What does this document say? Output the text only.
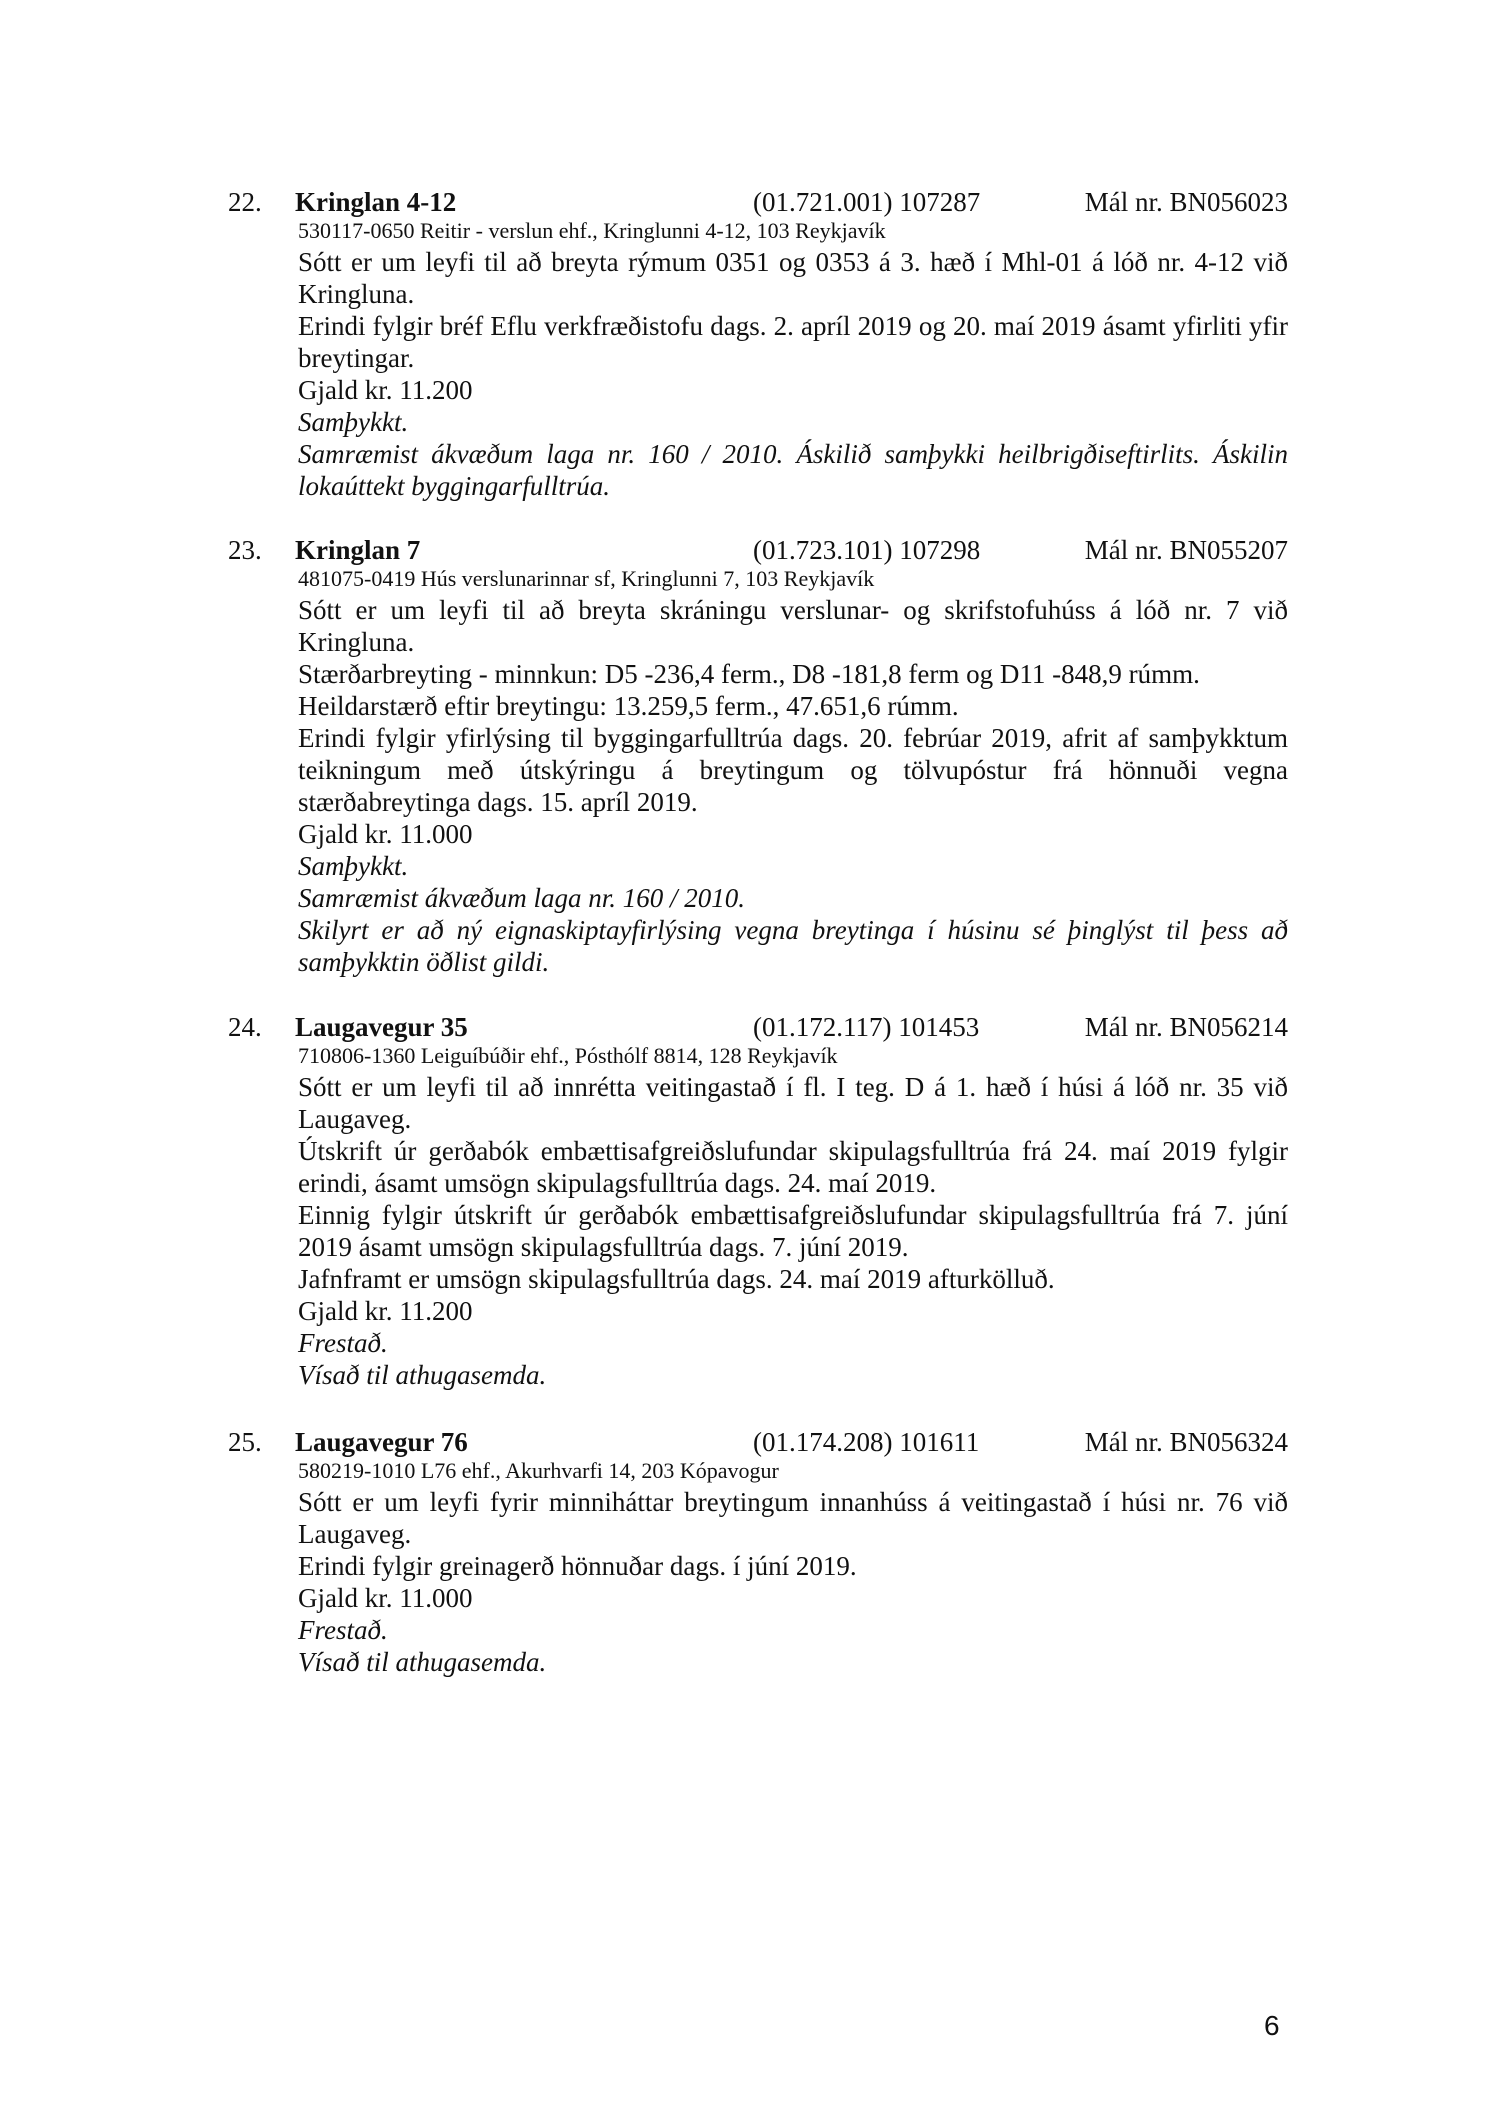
22. Kringlan 4-12	(01.721.001) 107287	Mál nr. BN056023
530117-0650 Reitir - verslun ehf., Kringlunni 4-12, 103 Reykjavík

Sótt er um leyfi til að breyta rýmum 0351 og 0353 á 3. hæð í Mhl-01 á lóð nr. 4-12 við Kringluna.

Erindi fylgir bréf Eflu verkfræðistofu dags. 2. apríl 2019 og 20. maí 2019 ásamt yfirliti yfir breytingar.

Gjald kr. 11.200

Samþykkt.

Samræmist ákvæðum laga nr. 160 / 2010. Áskilið samþykki heilbrigðiseftirlits. Áskilin lokaúttekt byggingarfulltrúa.

23. Kringlan 7	(01.723.101) 107298	Mál nr. BN055207
481075-0419 Hús verslunarinnar sf, Kringlunni 7, 103 Reykjavík

Sótt er um leyfi til að breyta skráningu verslunar- og skrifstofuhúss á lóð nr. 7 við Kringluna.

Stærðarbreyting - minnkun: D5 -236,4 ferm., D8 -181,8 ferm og D11 -848,9 rúmm.

Heildarstærð eftir breytingu: 13.259,5 ferm., 47.651,6 rúmm.

Erindi fylgir yfirlýsing til byggingarfulltrúa dags. 20. febrúar 2019, afrit af samþykktum teikningum með útskýringu á breytingum og tölvupóstur frá hönnuði vegna stærðabreytinga dags. 15. apríl 2019.

Gjald kr. 11.000

Samþykkt.

Samræmist ákvæðum laga nr. 160 / 2010.

Skilyrt er að ný eignaskiptayfirlýsing vegna breytinga í húsinu sé þinglýst til þess að samþykktin öðlist gildi.

24. Laugavegur 35	(01.172.117) 101453	Mál nr. BN056214
710806-1360 Leiguíbúðir ehf., Pósthólf 8814, 128 Reykjavík

Sótt er um leyfi til að innrétta veitingastað í fl. I teg. D á 1. hæð í húsi á lóð nr. 35 við Laugaveg.

Útskrift úr gerðabók embættisafgreiðslufundar skipulagsfulltrúa frá 24. maí 2019 fylgir erindi, ásamt umsögn skipulagsfulltrúa dags. 24. maí 2019.

Einnig fylgir útskrift úr gerðabók embættisafgreiðslufundar skipulagsfulltrúa frá 7. júní 2019 ásamt umsögn skipulagsfulltrúa dags. 7. júní 2019.

Jafnframt er umsögn skipulagsfulltrúa dags. 24. maí 2019 afturkölluð.

Gjald kr. 11.200

Frestað.

Vísað til athugasemda.

25. Laugavegur 76	(01.174.208) 101611	Mál nr. BN056324
580219-1010 L76 ehf., Akurhvarfi 14, 203 Kópavogur

Sótt er um leyfi fyrir minniháttar breytingum innanhúss á veitingastað í húsi nr. 76 við Laugaveg.

Erindi fylgir greinagerð hönnuðar dags. í júní 2019.

Gjald kr. 11.000

Frestað.

Vísað til athugasemda.

6
